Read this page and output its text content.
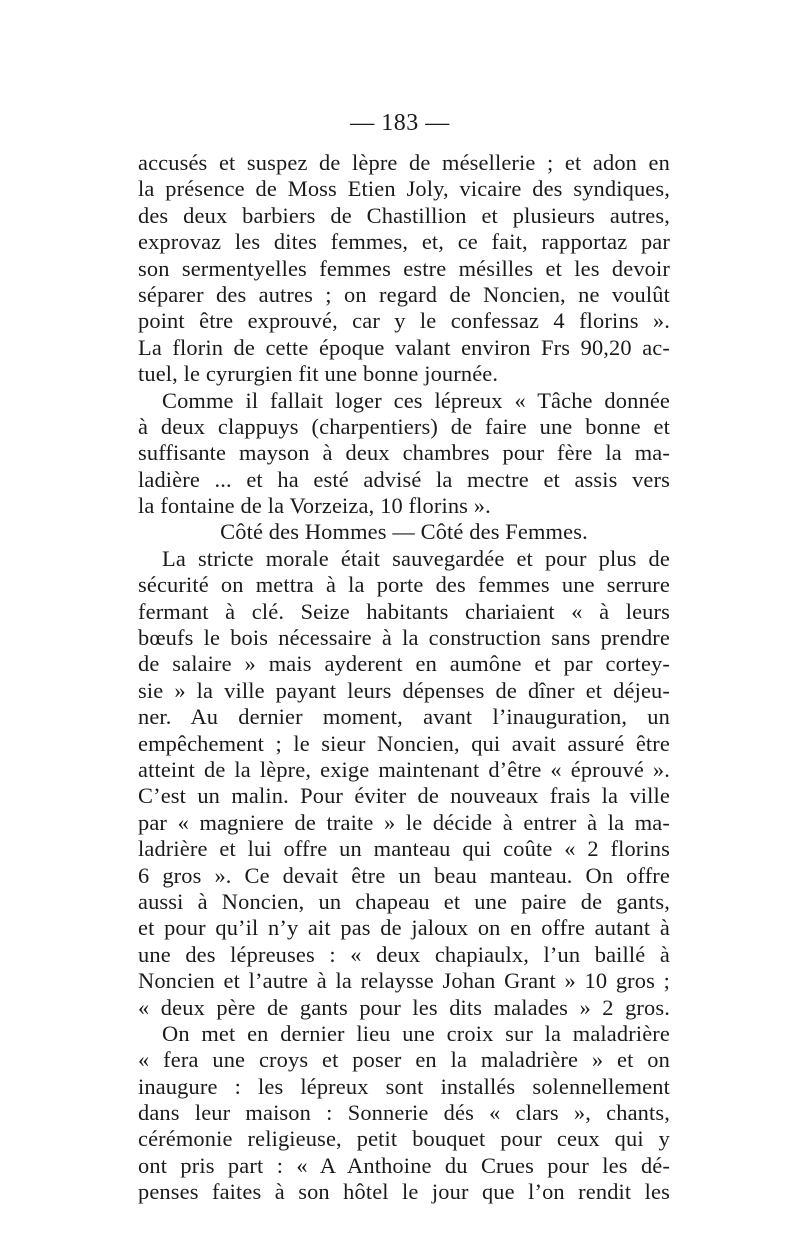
— 183 —
accusés et suspez de lèpre de mésellerie ; et adon en
la présence de Moss Etien Joly, vicaire des syndiques,
des deux barbiers de Chastillion et plusieurs autres,
exprovaz les dites femmes, et, ce fait, rapportaz par
son sermentyelles femmes estre mésilles et les devoir
séparer des autres ; on regard de Noncien, ne voulût
point être exprouvé, car y le confessaz 4 florins ».
La florin de cette époque valant environ Frs 90,20 ac-
tuel, le cyrurgien fit une bonne journée.
Comme il fallait loger ces lépreux « Tâche donnée
à deux clappuys (charpentiers) de faire une bonne et
suffisante mayson à deux chambres pour fère la ma-
ladière ... et ha esté advisé la mectre et assis vers
la fontaine de la Vorzeiza, 10 florins ».
Côté des Hommes — Côté des Femmes.
La stricte morale était sauvegardée et pour plus de
sécurité on mettra à la porte des femmes une serrure
fermant à clé. Seize habitants chariaient « à leurs
bœufs le bois nécessaire à la construction sans prendre
de salaire » mais ayderent en aumône et par cortey-
sie » la ville payant leurs dépenses de dîner et déjeu-
ner. Au dernier moment, avant l’inauguration, un
empêchement ; le sieur Noncien, qui avait assuré être
atteint de la lèpre, exige maintenant d’être « éprouvé ».
C’est un malin. Pour éviter de nouveaux frais la ville
par « magniere de traite » le décide à entrer à la ma-
ladrière et lui offre un manteau qui coûte « 2 florins
6 gros ». Ce devait être un beau manteau. On offre
aussi à Noncien, un chapeau et une paire de gants,
et pour qu’il n’y ait pas de jaloux on en offre autant à
une des lépreuses : « deux chapiaulx, l’un baillé à
Noncien et l’autre à la relaysse Johan Grant » 10 gros ;
« deux père de gants pour les dits malades » 2 gros.
On met en dernier lieu une croix sur la maladrière
« fera une croys et poser en la maladrière » et on
inaugure : les lépreux sont installés solennellement
dans leur maison : Sonnerie dés « clars », chants,
cérémonie religieuse, petit bouquet pour ceux qui y
ont pris part : « A Anthoine du Crues pour les dé-
penses faites à son hôtel le jour que l’on rendit les
